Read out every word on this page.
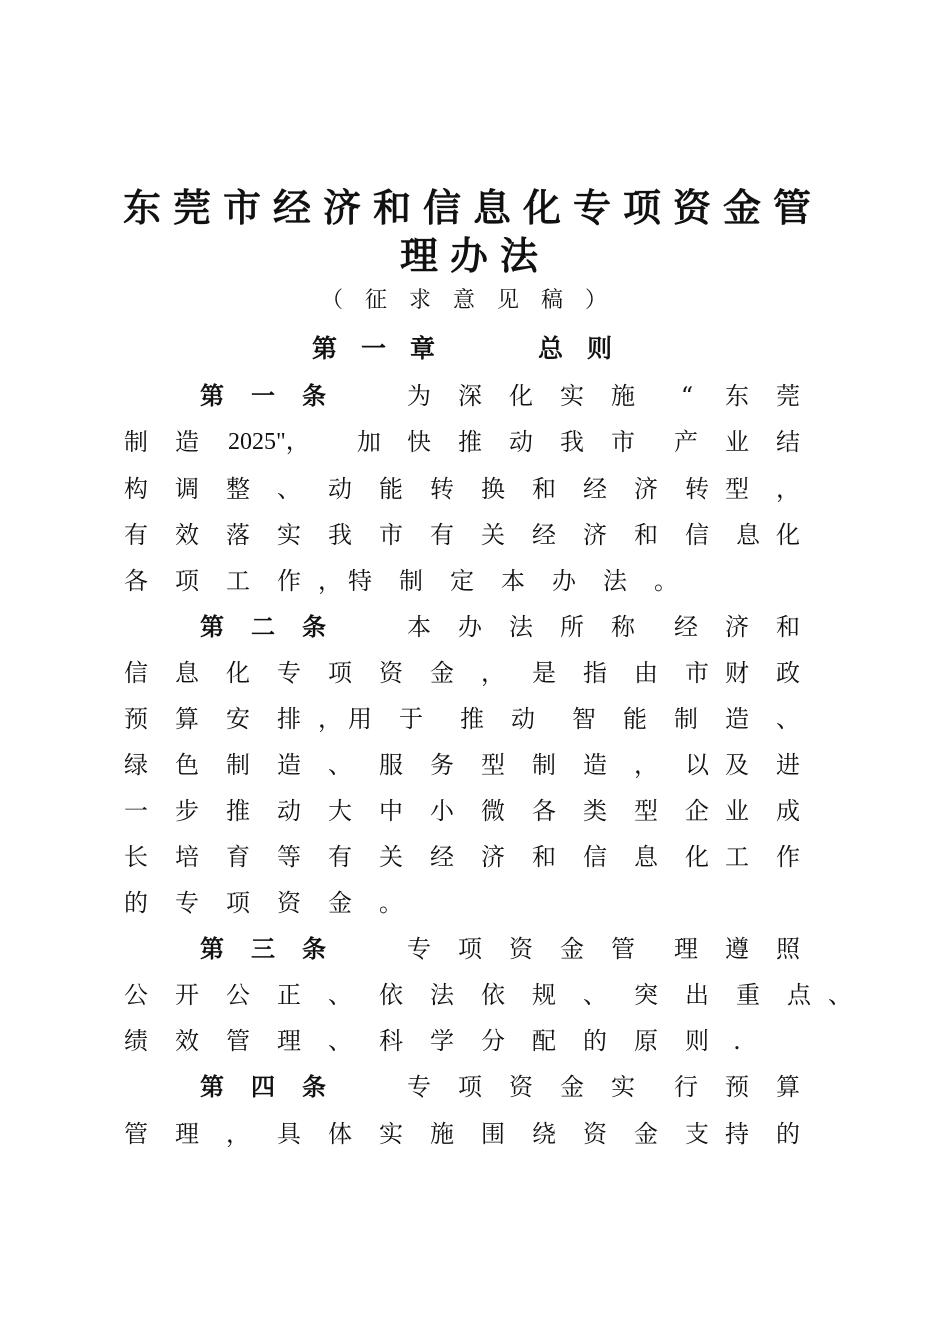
东莞市经济和信息化专项资金管
理办法
（征求意见稿）
第一章	总则
第 一 条	为 深 化 实 施	“	东 莞
制 造 2025"， 加 快 推 动 我 市 产 业 结
构 调 整 、 动 能 转 换 和 经 济 转 型 ，
有 效 落 实 我 市 有 关 经 济 和 信 息 化
各 项 工 作 ， 特 制 定 本 办 法 。
第 二 条	本 办 法 所 称 经 济 和
信 息 化 专 项 资 金 ， 是 指 由 市 财 政
预 算 安 排 ， 用 于 推 动 智 能 制 造 、
绿 色 制 造 、 服 务 型 制 造 ， 以 及 进
一 步 推 动 大 中 小 微 各 类 型 企 业 成
长 培 育 等 有 关 经 济 和 信 息 化 工 作
的 专 项 资 金 。
第 三 条	专 项 资 金 管 理 遵 照
公 开 公 正 、 依 法 依 规 、 突 出 重 点 、
绩 效 管 理 、 科 学 分 配 的 原 则	.
第 四 条	专 项 资 金 实 行 预 算
管 理 ， 具 体 实 施 围 绕 资 金 支 持 的
